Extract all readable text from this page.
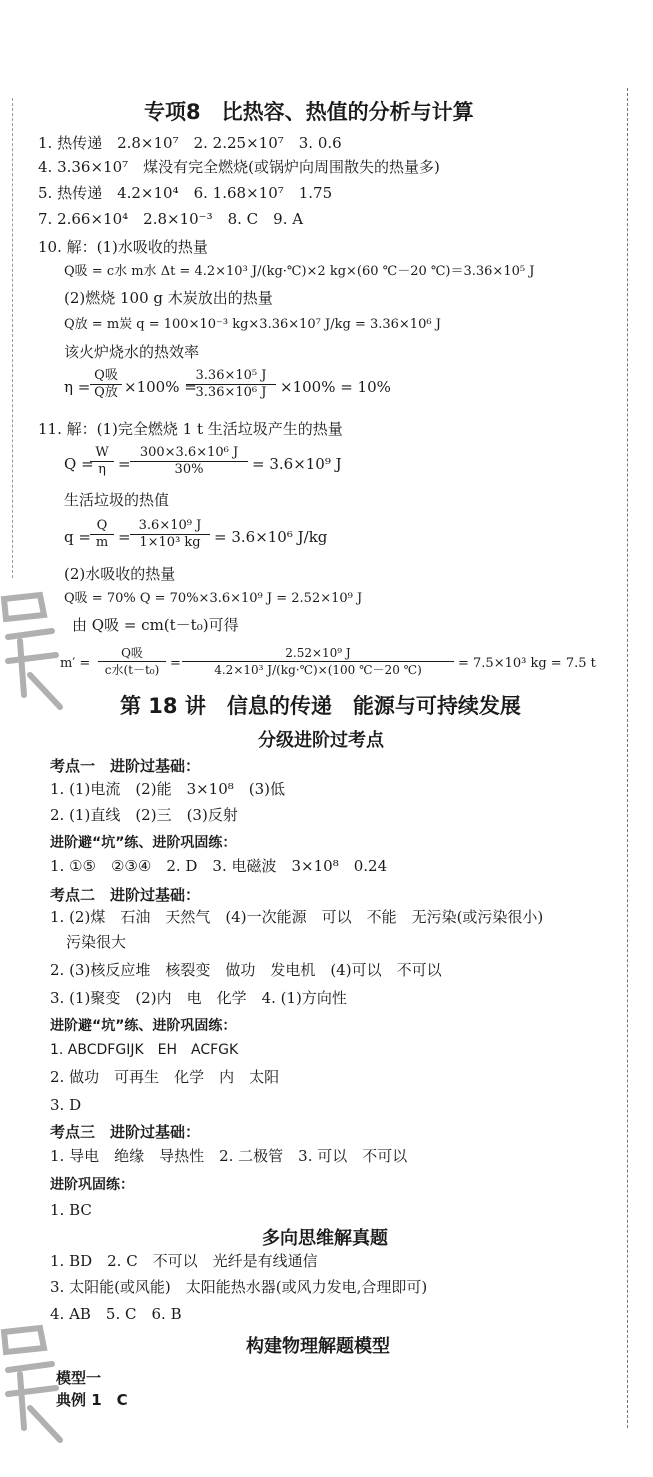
专项8　比热容、热值的分析与计算
1. 热传递　2.8×10⁷　2. 2.25×10⁷　3. 0.6
4. 3.36×10⁷　煤没有完全燃烧(或锅炉向周围散失的热量多)
5. 热传递　4.2×10⁴　6. 1.68×10⁷　1.75
7. 2.66×10⁴　2.8×10⁻³　8. C　9. A
10. 解：(1)水吸收的热量
Q吸 = c水 m水 Δt = 4.2×10³ J/(kg·℃)×2 kg×(60 ℃－20 ℃)＝3.36×10⁵ J
(2)燃烧 100 g 木炭放出的热量
Q放 = m炭 q = 100×10⁻³ kg×3.36×10⁷ J/kg = 3.36×10⁶ J
该火炉烧水的热效率
η =
Q吸
Q放 ×100% =
$\frac{\text{3.36×10⁵ J}}{\text{3.36×10⁶ J}} \times 100\% = 10\%$
11. 解：(1)完全燃烧 1 t 生活垃圾产生的热量
Q =
$\frac{W}{\eta} = \frac{\text{300×3.6×10⁶ J}}{30\%} = 3.6\times 10^9$ J
生活垃圾的热值
$q = \frac{Q}{m} = \frac{\text{3.6×10⁹ J}}{\text{1×10³ kg}} = 3.6\times 10^6$ J/kg
(2)水吸收的热量
Q吸 = 70% Q = 70%×3.6×10⁹ J = 2.52×10⁹ J
由 Q吸 = cm(t－t₀)可得
m′ =
Q吸
c水$(t-t_0) = \frac{\text{2.52×10⁹ J}}{\text{4.2×10³ J/(kg·℃)×(100 ℃－20 ℃)}} = 7.5\times 10^3$ kg = 7.5 t
第 18 讲　信息的传递　能源与可持续发展
分级进阶过考点
考点一　进阶过基础：
1. (1)电流　(2)能　3×10⁸　(3)低
2. (1)直线　(2)三　(3)反射
进阶避“坑”练、进阶巩固练：
1. ①⑤　②③④　2. D　3. 电磁波　3×10⁸　0.24
考点二　进阶过基础：
1. (2)煤　石油　天然气　(4)一次能源　可以　不能　无污染(或污染很小)
污染很大
2. (3)核反应堆　核裂变　做功　发电机　(4)可以　不可以
3. (1)聚变　(2)内　电　化学　4. (1)方向性
进阶避“坑”练、进阶巩固练：
1. ABCDFGIJK　EH　ACFGK
2. 做功　可再生　化学　内　太阳
3. D
考点三　进阶过基础：
1. 导电　绝缘　导热性　2. 二极管　3. 可以　不可以
进阶巩固练：
1. BC
多向思维解真题
1. BD　2. C　不可以　光纤是有线通信
3. 太阳能(或风能)　太阳能热水器(或风力发电,合理即可)
4. AB　5. C　6. B
构建物理解题模型
模型一
典例 1　C
